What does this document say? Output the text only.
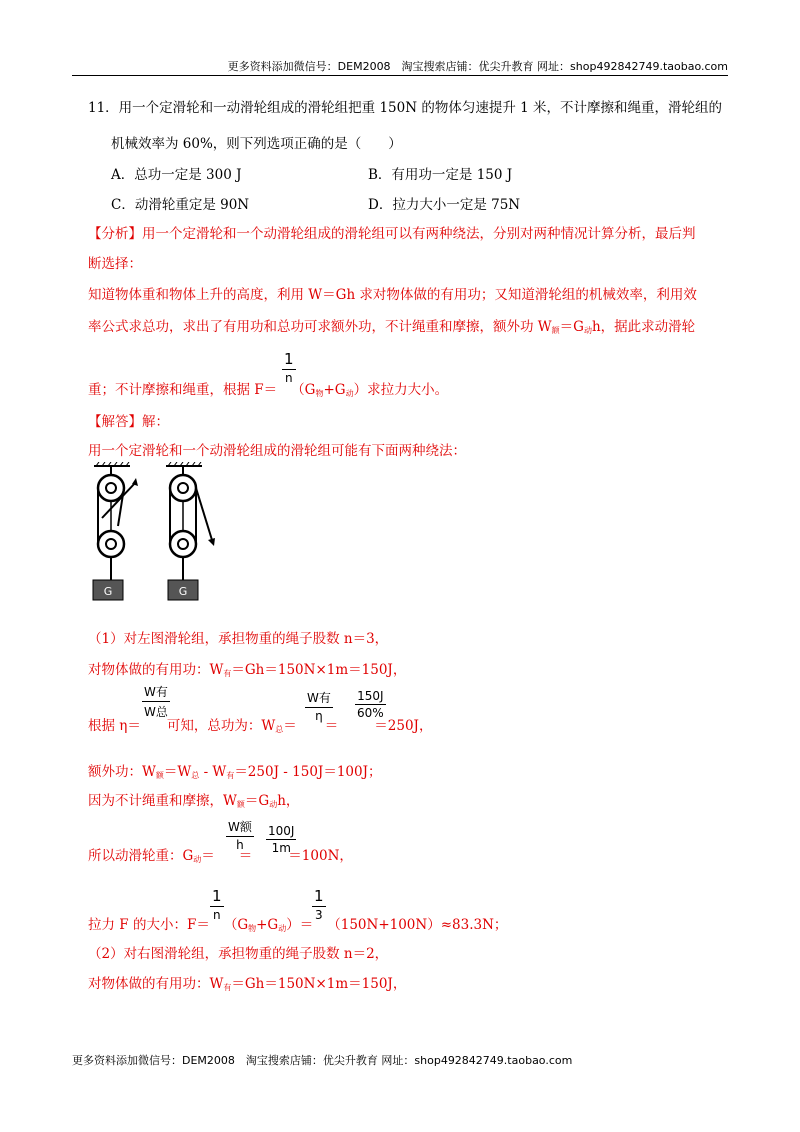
更多资料添加微信号：DEM2008　淘宝搜索店铺：优尖升教育 网址：shop492842749.taobao.com
11．用一个定滑轮和一动滑轮组成的滑轮组把重 150N 的物体匀速提升 1 米，不计摩擦和绳重，滑轮组的
机械效率为 60%，则下列选项正确的是（　　）
A．总功一定是 300 J	B．有用功一定是 150 J
C．动滑轮重定是 90N	D．拉力大小一定是 75N
【分析】用一个定滑轮和一个动滑轮组成的滑轮组可以有两种绕法，分别对两种情况计算分析，最后判
断选择：
知道物体重和物体上升的高度，利用 W＝Gh 求对物体做的有用功；又知道滑轮组的机械效率，利用效
率公式求总功，求出了有用功和总功可求额外功，不计绳重和摩擦，额外功 $W_额=G_动h$，据此求动滑轮
1
n
重；不计摩擦和绳重，根据 $F= (G_物+G_动)$求拉力大小。
【解答】解：
用一个定滑轮和一个动滑轮组成的滑轮组可能有下面两种绕法：
G	G
（1）对左图滑轮组，承担物重的绳子股数 n＝3，
对物体做的有用功：$W_有=Gh=150N\times 1m=150J$，
W有
W总
W有
η
150J
60%
根据 η＝ 可知，总功为：$W_总=$ ＝	＝250J，
额外功：$W_额=W_总 - W_有=250J - 150J=100J$；
因为不计绳重和摩擦，$W_额=G_动h$，
W额
h
100J
1m
所以动滑轮重：$G_动=$ ＝	＝100N，
1
n
1
3
拉力 F 的大小：$F= (G_物+G_动)= (150N+100N)\approx 83.3N$；
（2）对右图滑轮组，承担物重的绳子股数 n＝2，
对物体做的有用功：$W_有=Gh=150N\times 1m=150J$，
更多资料添加微信号：DEM2008　淘宝搜索店铺：优尖升教育 网址：shop492842749.taobao.com
